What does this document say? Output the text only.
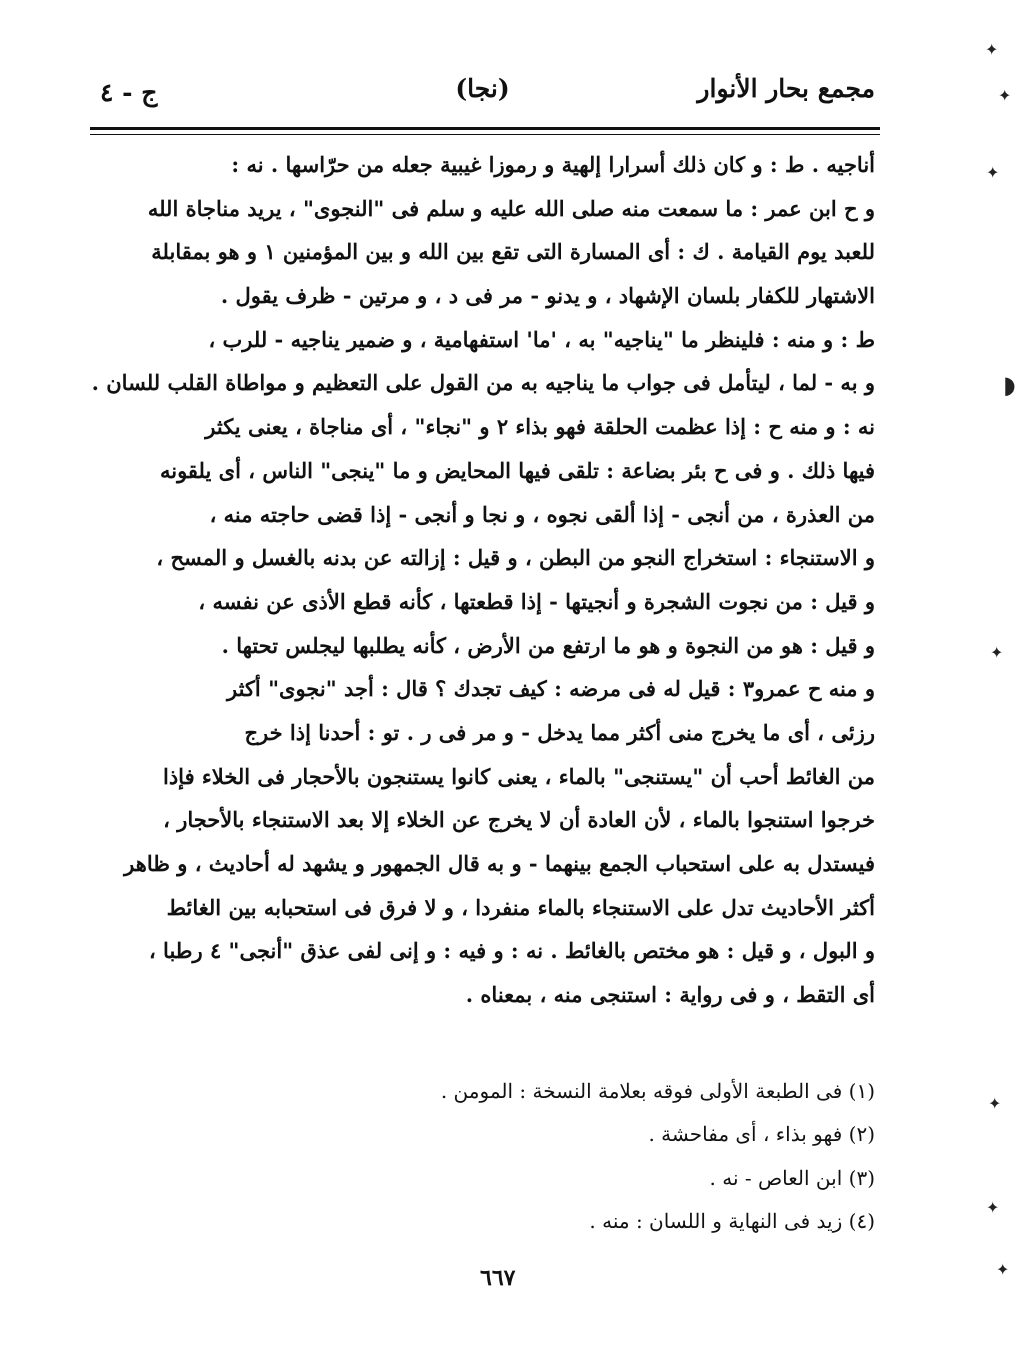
✦
✦
✦
◗
✦
✦
✦
✦
مجمع بحار الأنوار
(نجا)
ج - ٤
أناجيه . ط : و كان ذلك أسرارا إلهية و رموزا غيبية جعله من حرّاسها . نه :
و ح ابن عمر : ما سمعت منه صلى الله عليه و سلم فى "النجوى" ، يريد مناجاة الله
للعبد يوم القيامة . ك : أى المسارة التى تقع بين الله و بين المؤمنين ١ و هو بمقابلة
الاشتهار للكفار بلسان الإشهاد ، و يدنو - مر فى د ، و مرتين - ظرف يقول .
ط : و منه : فلينظر ما "يناجيه" به ، 'ما' استفهامية ، و ضمير يناجيه - للرب ،
و به - لما ، ليتأمل فى جواب ما يناجيه به من القول على التعظيم و مواطاة القلب للسان .
نه : و منه ح : إذا عظمت الحلقة فهو بذاء ٢ و "نجاء" ، أى مناجاة ، يعنى يكثر
فيها ذلك . و فى ح بئر بضاعة : تلقى فيها المحايض و ما "ينجى" الناس ، أى يلقونه
من العذرة ، من أنجى - إذا ألقى نجوه ، و نجا و أنجى - إذا قضى حاجته منه ،
و الاستنجاء : استخراج النجو من البطن ، و قيل : إزالته عن بدنه بالغسل و المسح ،
و قيل : من نجوت الشجرة و أنجيتها - إذا قطعتها ، كأنه قطع الأذى عن نفسه ،
و قيل : هو من النجوة و هو ما ارتفع من الأرض ، كأنه يطلبها ليجلس تحتها .
و منه ح عمرو٣ : قيل له فى مرضه : كيف تجدك ؟ قال : أجد "نجوى" أكثر
رزئى ، أى ما يخرج منى أكثر مما يدخل - و مر فى ر . تو : أحدنا إذا خرج
من الغائط أحب أن "يستنجى" بالماء ، يعنى كانوا يستنجون بالأحجار فى الخلاء فإذا
خرجوا استنجوا بالماء ، لأن العادة أن لا يخرج عن الخلاء إلا بعد الاستنجاء بالأحجار ،
فيستدل به على استحباب الجمع بينهما - و به قال الجمهور و يشهد له أحاديث ، و ظاهر
أكثر الأحاديث تدل على الاستنجاء بالماء منفردا ، و لا فرق فى استحبابه بين الغائط
و البول ، و قيل : هو مختص بالغائط . نه : و فيه : و إنى لفى عذق "أنجى" ٤ رطبا ،
أى التقط ، و فى رواية : استنجى منه ، بمعناه .
(١) فى الطبعة الأولى فوقه بعلامة النسخة : المومن .
(٢) فهو بذاء ، أى مفاحشة .
(٣) ابن العاص - نه .
(٤) زيد فى النهاية و اللسان : منه .
٦٦٧
